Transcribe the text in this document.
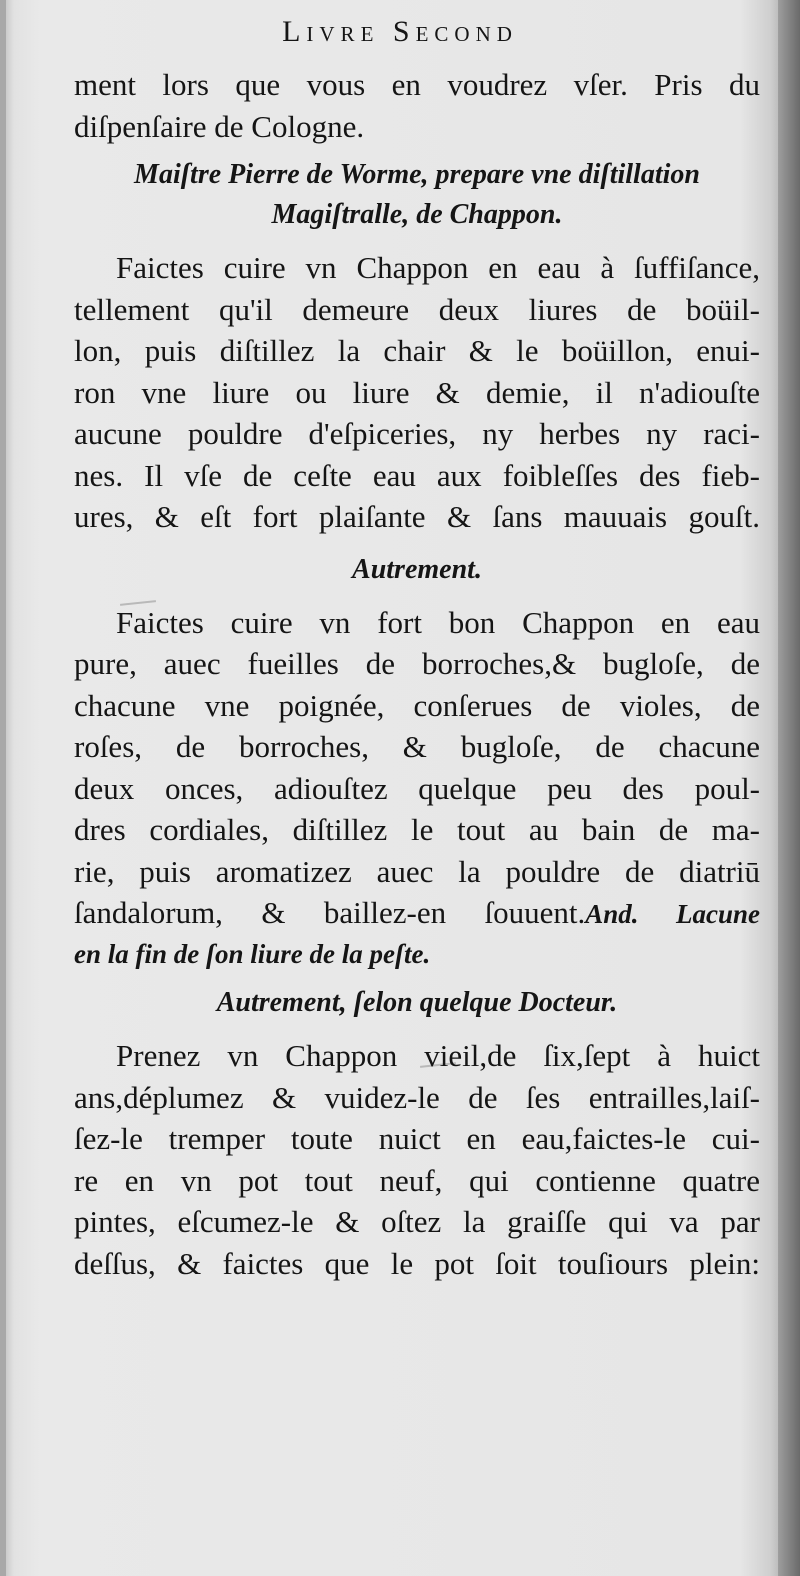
Livre Second
ment lors que vous en voudrez vſer. Pris du
diſpenſaire de Cologne.
Maiſtre Pierre de Worme, prepare vne diſtillation
Magiſtralle, de Chappon.
Faictes cuire vn Chappon en eau à ſuffiſance,
tellement qu'il demeure deux liures de boüil-
lon, puis diſtillez la chair & le boüillon, enui-
ron vne liure ou liure & demie, il n'adiouſte
aucune pouldre d'eſpiceries, ny herbes ny raci-
nes. Il vſe de ceſte eau aux foibleſſes des fieb-
ures, & eſt fort plaiſante & ſans mauuais gouſt.
Autrement.
Faictes cuire vn fort bon Chappon en eau
pure, auec fueilles de borroches,& bugloſe, de
chacune vne poignée, conſerues de violes, de
roſes, de borroches, & bugloſe, de chacune
deux onces, adiouſtez quelque peu des poul-
dres cordiales, diſtillez le tout au bain de ma-
rie, puis aromatizez auec la pouldre de diatriū
ſandalorum, & baillez-en ſouuent.And. Lacune
en la fin de ſon liure de la peſte.
Autrement, ſelon quelque Docteur.
Prenez vn Chappon vieil,de ſix,ſept à huict
ans,déplumez & vuidez-le de ſes entrailles,laiſ-
ſez-le tremper toute nuict en eau,faictes-le cui-
re en vn pot tout neuf, qui contienne quatre
pintes, eſcumez-le & oſtez la graiſſe qui va par
deſſus, & faictes que le pot ſoit touſiours plein:
